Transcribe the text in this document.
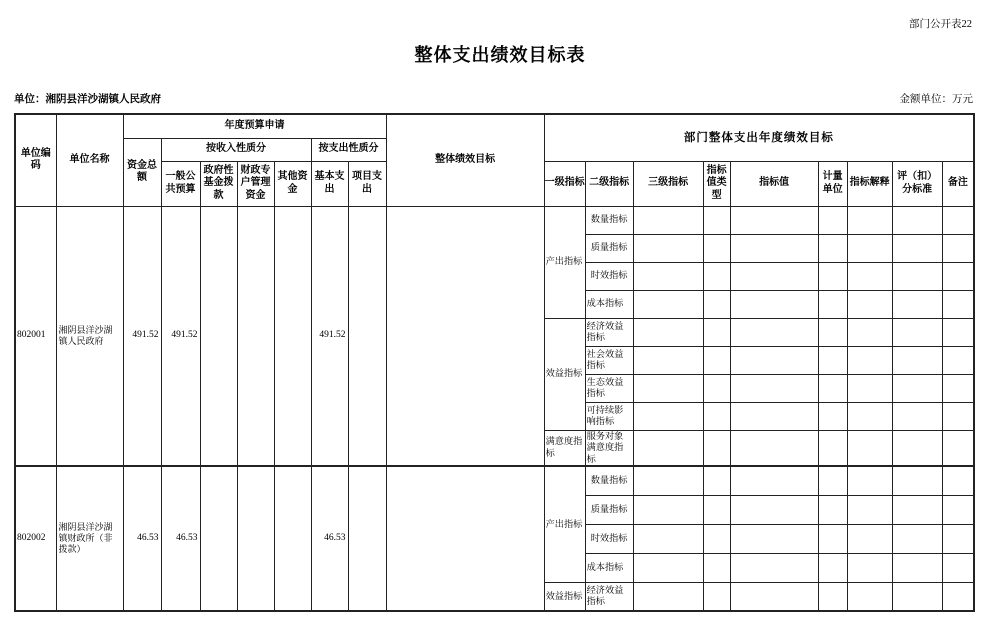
部门公开表22
整体支出绩效目标表
单位：湘阴县洋沙湖镇人民政府	金额单位：万元
单位编码	单位名称	年度预算申请							整体绩效目标	部门整体支出年度绩效目标								
		资金总额	按收入性质分				按支出性质分											
			一般公共预算	政府性基金拨款	财政专户管理资金	其他资金	基本支出	项目支出		一级指标	二级指标	三级指标	指标值类型	指标值	计量单位	指标解释	评（扣）分标准	备注
802001	湘阴县洋沙湖镇人民政府	491.52	491.52				491.52			产出指标	数量指标							
											质量指标							
											时效指标							
											成本指标							
										效益指标	经济效益指标							
											社会效益指标							
											生态效益指标							
											可持续影响指标							
										满意度指标	服务对象满意度指标							
802002	湘阴县洋沙湖镇财政所（非拨款）	46.53	46.53				46.53			产出指标	数量指标							
											质量指标							
											时效指标							
											成本指标							
										效益指标	经济效益指标							
